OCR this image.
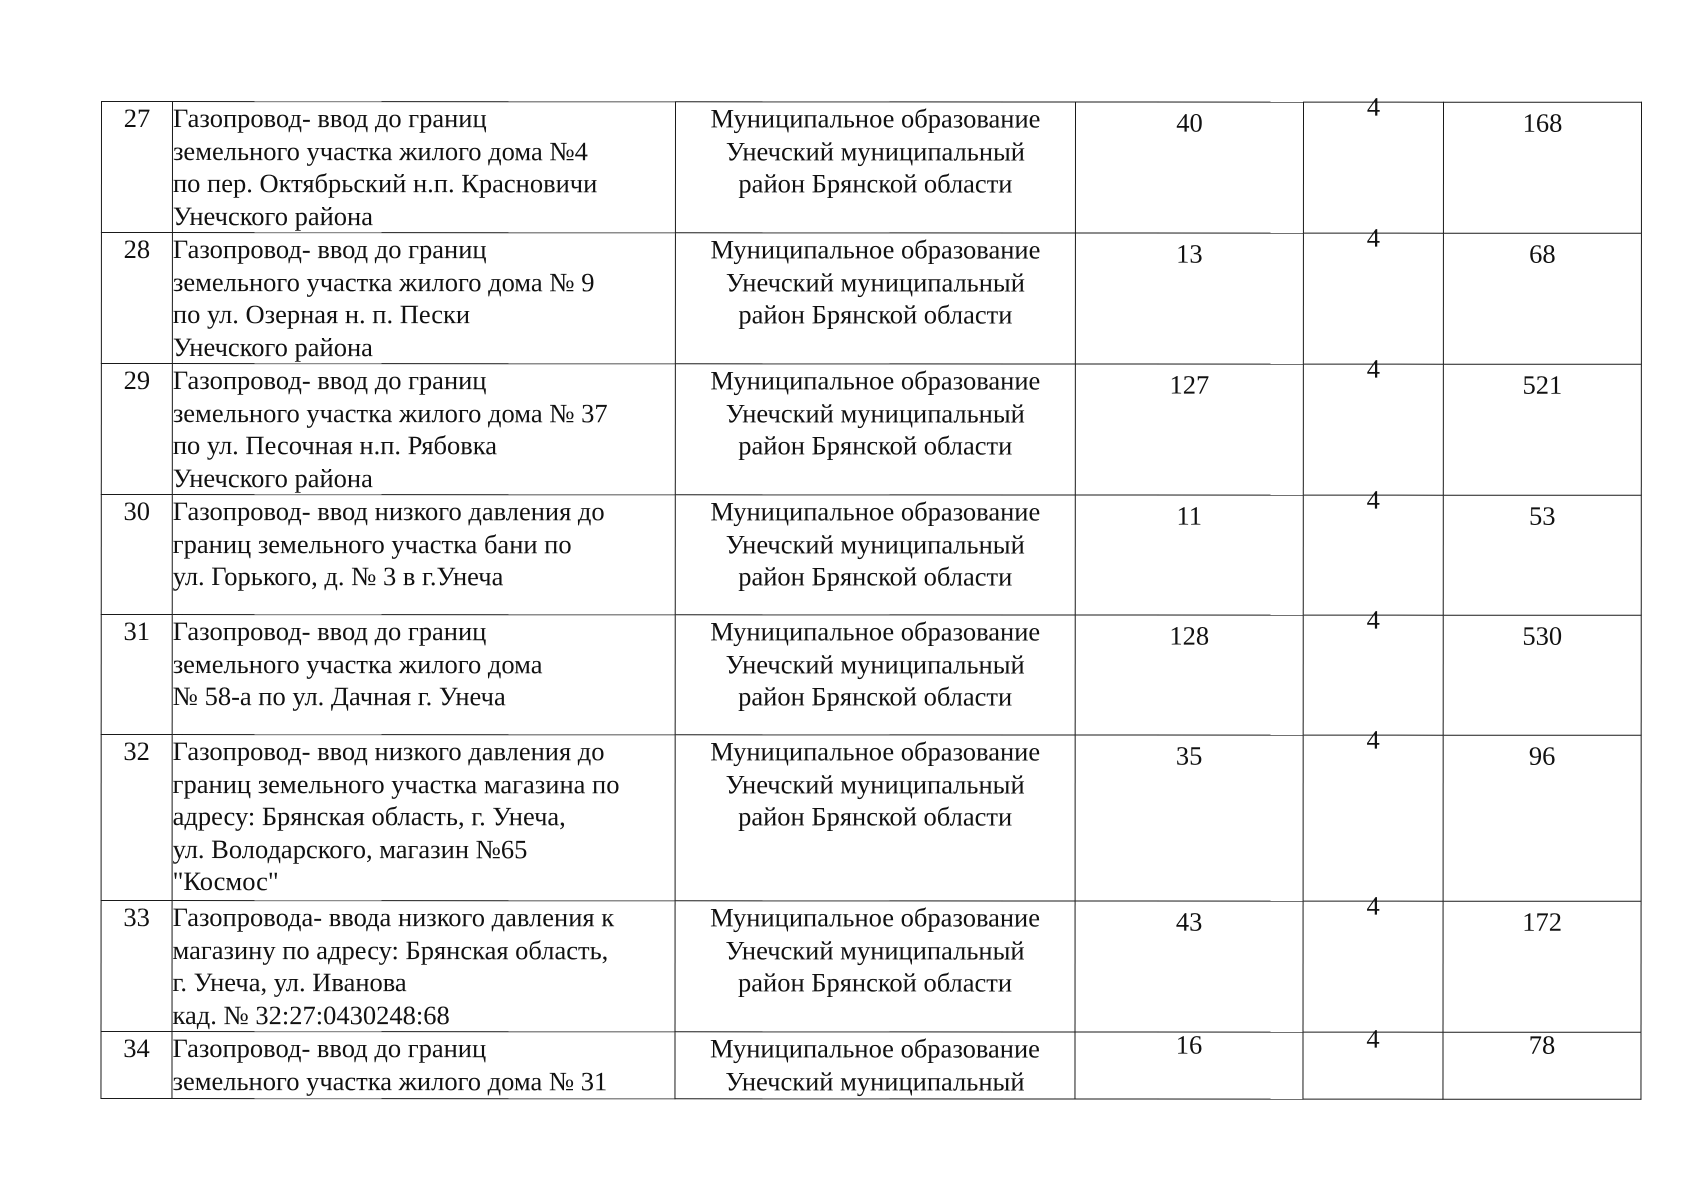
27	Газопровод- ввод до границ
земельного участка жилого дома №4
по пер. Октябрьский н.п. Красновичи
Унечского района	Муниципальное образование
Унечский муниципальный
район Брянской области	40	4	168
28	Газопровод- ввод до границ
земельного участка жилого дома № 9
по ул. Озерная н. п. Пески
Унечского района	Муниципальное образование
Унечский муниципальный
район Брянской области	13	4	68
29	Газопровод- ввод до границ
земельного участка жилого дома № 37
по ул. Песочная н.п. Рябовка
Унечского района	Муниципальное образование
Унечский муниципальный
район Брянской области	127	4	521
30	Газопровод- ввод низкого давления до
границ земельного участка бани по
ул. Горького, д. № 3 в г.Унеча	Муниципальное образование
Унечский муниципальный
район Брянской области	11	4	53
31	Газопровод- ввод до границ
земельного участка жилого дома
№ 58-а по ул. Дачная г. Унеча	Муниципальное образование
Унечский муниципальный
район Брянской области	128	4	530
32	Газопровод- ввод низкого давления до
границ земельного участка магазина по
адресу: Брянская область, г. Унеча,
ул. Володарского, магазин №65
"Космос"	Муниципальное образование
Унечский муниципальный
район Брянской области	35	4	96
33	Газопровода- ввода низкого давления к
магазину по адресу: Брянская область,
г. Унеча, ул. Иванова
кад. № 32:27:0430248:68	Муниципальное образование
Унечский муниципальный
район Брянской области	43	4	172
34	Газопровод- ввод до границ
земельного участка жилого дома № 31	Муниципальное образование
Унечский муниципальный	16	4	78
